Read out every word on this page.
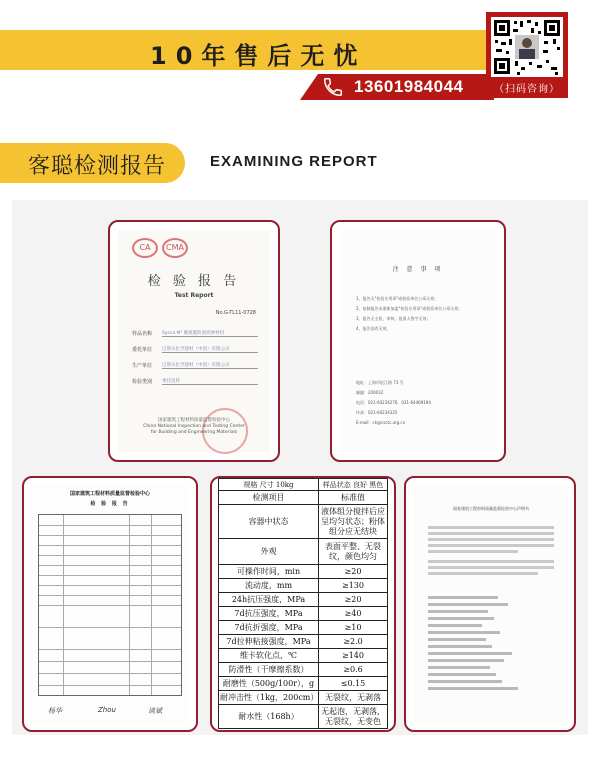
10年售后无忧
13601984044	（扫码咨询）
客聪检测报告	EXAMINING REPORT
CA	CMA
检 验 报 告
Test Report
No.G-TL11-0728
样品名称 Sysca M² 聚氨酯防滑高弹材料
委托单位 巴斯夫化学建材（中国）有限公司
生产单位 巴斯夫化学建材（中国）有限公司
检验类别 委托送样
国家建筑工程材料质量监督检验中心
China National Inspection and Testing Center
for Building and Engineering Materials
注 意 事 项
1、报告无"检验专用章"或检验单位公章无效；
2、复制报告未重新加盖"检验专用章"或检验单位公章无效；
3、报告无主检、审核、批准人签字无效；
4、报告涂改无效。
地址：上海市松江路 73 号
邮编：200032
电话：021-64234276，021-64469194
传真：021-64234325
E-mail：ck@csctc.org.cn
国家建筑工程材料质量监督检验中心
检 验 报 告
杨华	Zhou	谈斌
规格 尺寸 10kg	样品状态 良好 黑色
检测项目	标准值
容器中状态	液体组分搅拌后应呈均匀状态；粉体组分应无结块
外观	表面平整、无裂纹，颜色均匀
可操作时间，min	≥20
流动度，mm	≥130
24h抗压强度，MPa	≥20
7d抗压强度，MPa	≥40
7d抗折强度，MPa	≥10
7d拉伸粘接强度，MPa	≥2.0
维卡软化点，℃	≥140
防滑性（干摩擦系数）	≥0.6
耐磨性（500g/100r），g	≤0.15
耐冲击性（1kg，200cm）	无裂纹，无剥落
耐水性（168h）	无起泡，无剥落，无裂纹，无变色
国家建筑工程材料质量监督检验中心声明书
